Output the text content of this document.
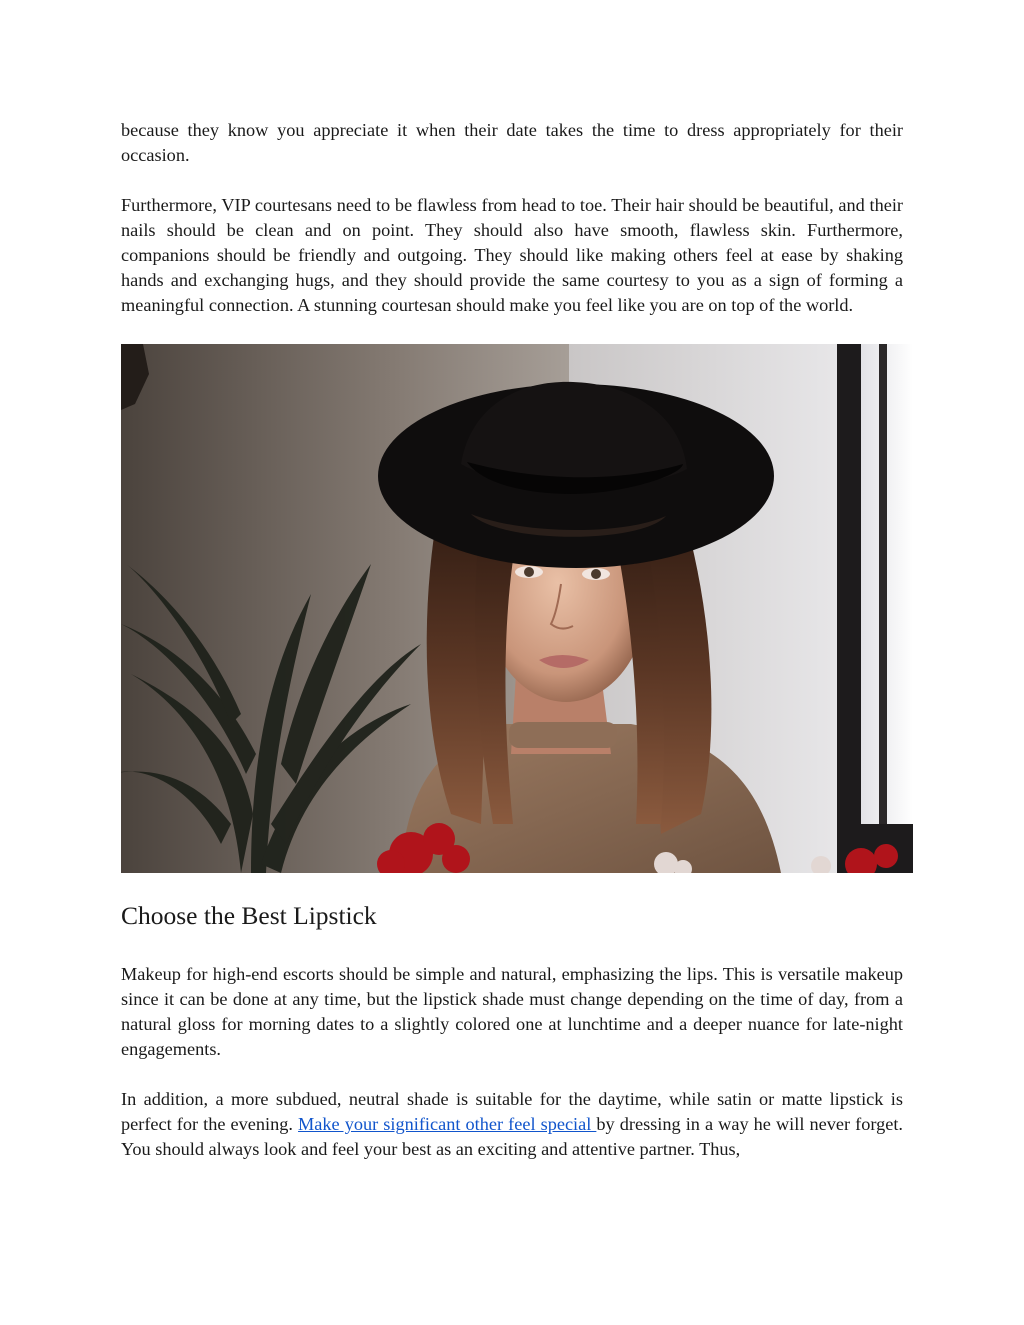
because they know you appreciate it when their date takes the time to dress appropriately for their occasion.

Furthermore, VIP courtesans need to be flawless from head to toe. Their hair should be beautiful, and their nails should be clean and on point. They should also have smooth, flawless skin. Furthermore, companions should be friendly and outgoing. They should like making others feel at ease by shaking hands and exchanging hugs, and they should provide the same courtesy to you as a sign of forming a meaningful connection. A stunning courtesan should make you feel like you are on top of the world.

Choose the Best Lipstick

Makeup for high-end escorts should be simple and natural, emphasizing the lips. This is versatile makeup since it can be done at any time, but the lipstick shade must change depending on the time of day, from a natural gloss for morning dates to a slightly colored one at lunchtime and a deeper nuance for late-night engagements.

In addition, a more subdued, neutral shade is suitable for the daytime, while satin or matte lipstick is perfect for the evening. Make your significant other feel special by dressing in a way he will never forget. You should always look and feel your best as an exciting and attentive partner. Thus,
